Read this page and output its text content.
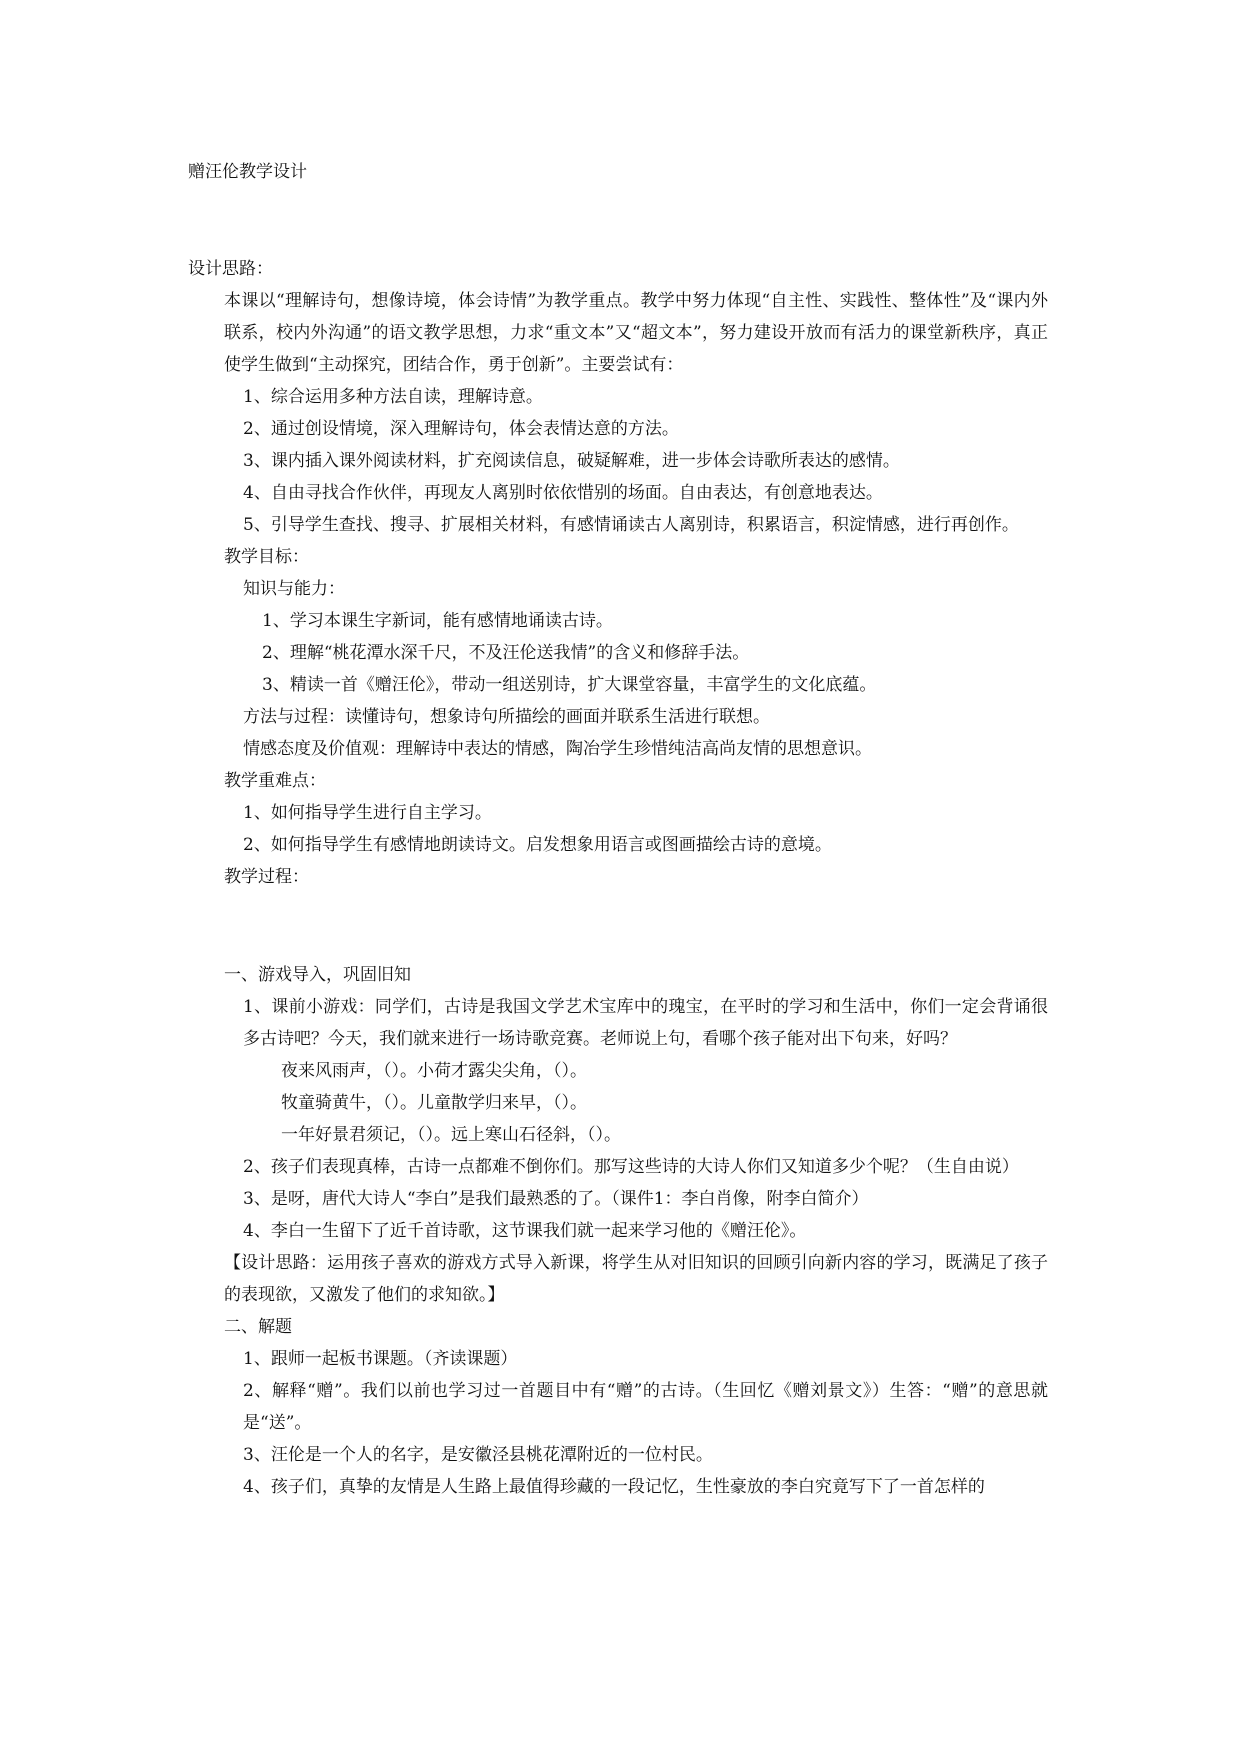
赠汪伦教学设计

设计思路：

本课以“理解诗句，想像诗境，体会诗情”为教学重点。教学中努力体现“自主性、实践性、整体性”及“课内外联系，校内外沟通”的语文教学思想，力求“重文本”又“超文本”，努力建设开放而有活力的课堂新秩序，真正使学生做到“主动探究，团结合作，勇于创新”。主要尝试有：

1、综合运用多种方法自读，理解诗意。

2、通过创设情境，深入理解诗句，体会表情达意的方法。

3、课内插入课外阅读材料，扩充阅读信息，破疑解难，进一步体会诗歌所表达的感情。

4、自由寻找合作伙伴，再现友人离别时依依惜别的场面。自由表达，有创意地表达。

5、引导学生查找、搜寻、扩展相关材料，有感情诵读古人离别诗，积累语言，积淀情感，进行再创作。

教学目标：

知识与能力：

1、学习本课生字新词，能有感情地诵读古诗。

2、理解“桃花潭水深千尺，不及汪伦送我情”的含义和修辞手法。

3、精读一首《赠汪伦》，带动一组送别诗，扩大课堂容量，丰富学生的文化底蕴。

方法与过程：读懂诗句，想象诗句所描绘的画面并联系生活进行联想。

情感态度及价值观：理解诗中表达的情感，陶冶学生珍惜纯洁高尚友情的思想意识。

教学重难点：

1、如何指导学生进行自主学习。

2、如何指导学生有感情地朗读诗文。启发想象用语言或图画描绘古诗的意境。

教学过程：

一、游戏导入，巩固旧知

1、课前小游戏：同学们，古诗是我国文学艺术宝库中的瑰宝，在平时的学习和生活中，你们一定会背诵很多古诗吧？今天，我们就来进行一场诗歌竞赛。老师说上句，看哪个孩子能对出下句来，好吗？

夜来风雨声，（）。小荷才露尖尖角，（）。

牧童骑黄牛，（）。儿童散学归来早，（）。

一年好景君须记，（）。远上寒山石径斜，（）。

2、孩子们表现真棒，古诗一点都难不倒你们。那写这些诗的大诗人你们又知道多少个呢？（生自由说）

3、是呀，唐代大诗人“李白”是我们最熟悉的了。（课件1：李白肖像，附李白简介）

4、李白一生留下了近千首诗歌，这节课我们就一起来学习他的《赠汪伦》。

【设计思路：运用孩子喜欢的游戏方式导入新课，将学生从对旧知识的回顾引向新内容的学习，既满足了孩子的表现欲，又激发了他们的求知欲。】

二、解题

1、跟师一起板书课题。（齐读课题）

2、解释“赠”。我们以前也学习过一首题目中有“赠”的古诗。（生回忆《赠刘景文》）生答：“赠”的意思就是“送”。

3、汪伦是一个人的名字，是安徽泾县桃花潭附近的一位村民。

4、孩子们，真挚的友情是人生路上最值得珍藏的一段记忆，生性豪放的李白究竟写下了一首怎样的
